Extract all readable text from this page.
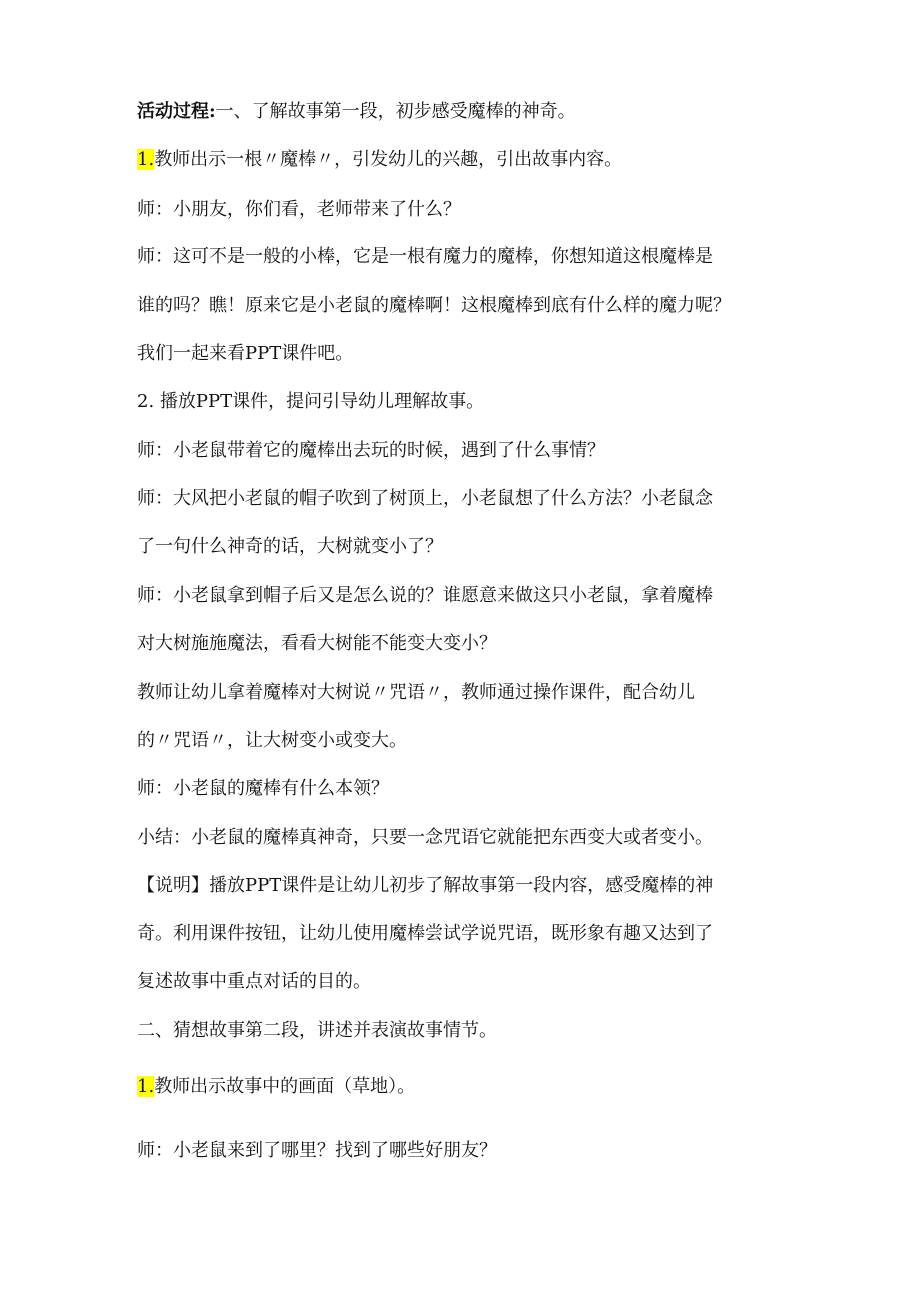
活动过程:一、了解故事第一段，初步感受魔棒的神奇。
1.教师出示一根〃魔棒〃，引发幼儿的兴趣，引出故事内容。
师：小朋友，你们看，老师带来了什么？
师：这可不是一般的小棒，它是一根有魔力的魔棒，你想知道这根魔棒是
谁的吗？瞧！原来它是小老鼠的魔棒啊！这根魔棒到底有什么样的魔力呢？
我们一起来看PPT课件吧。
2. 播放PPT课件，提问引导幼儿理解故事。
师：小老鼠带着它的魔棒出去玩的时候，遇到了什么事情？
师：大风把小老鼠的帽子吹到了树顶上，小老鼠想了什么方法？小老鼠念
了一句什么神奇的话，大树就变小了？
师：小老鼠拿到帽子后又是怎么说的？谁愿意来做这只小老鼠，拿着魔棒
对大树施施魔法，看看大树能不能变大变小？
教师让幼儿拿着魔棒对大树说〃咒语〃，教师通过操作课件，配合幼儿
的〃咒语〃，让大树变小或变大。
师：小老鼠的魔棒有什么本领？
小结：小老鼠的魔棒真神奇，只要一念咒语它就能把东西变大或者变小。
【说明】播放PPT课件是让幼儿初步了解故事第一段内容，感受魔棒的神
奇。利用课件按钮，让幼儿使用魔棒尝试学说咒语，既形象有趣又达到了
复述故事中重点对话的目的。
二、猜想故事第二段，讲述并表演故事情节。
1.教师出示故事中的画面（草地）。
师：小老鼠来到了哪里？找到了哪些好朋友？
